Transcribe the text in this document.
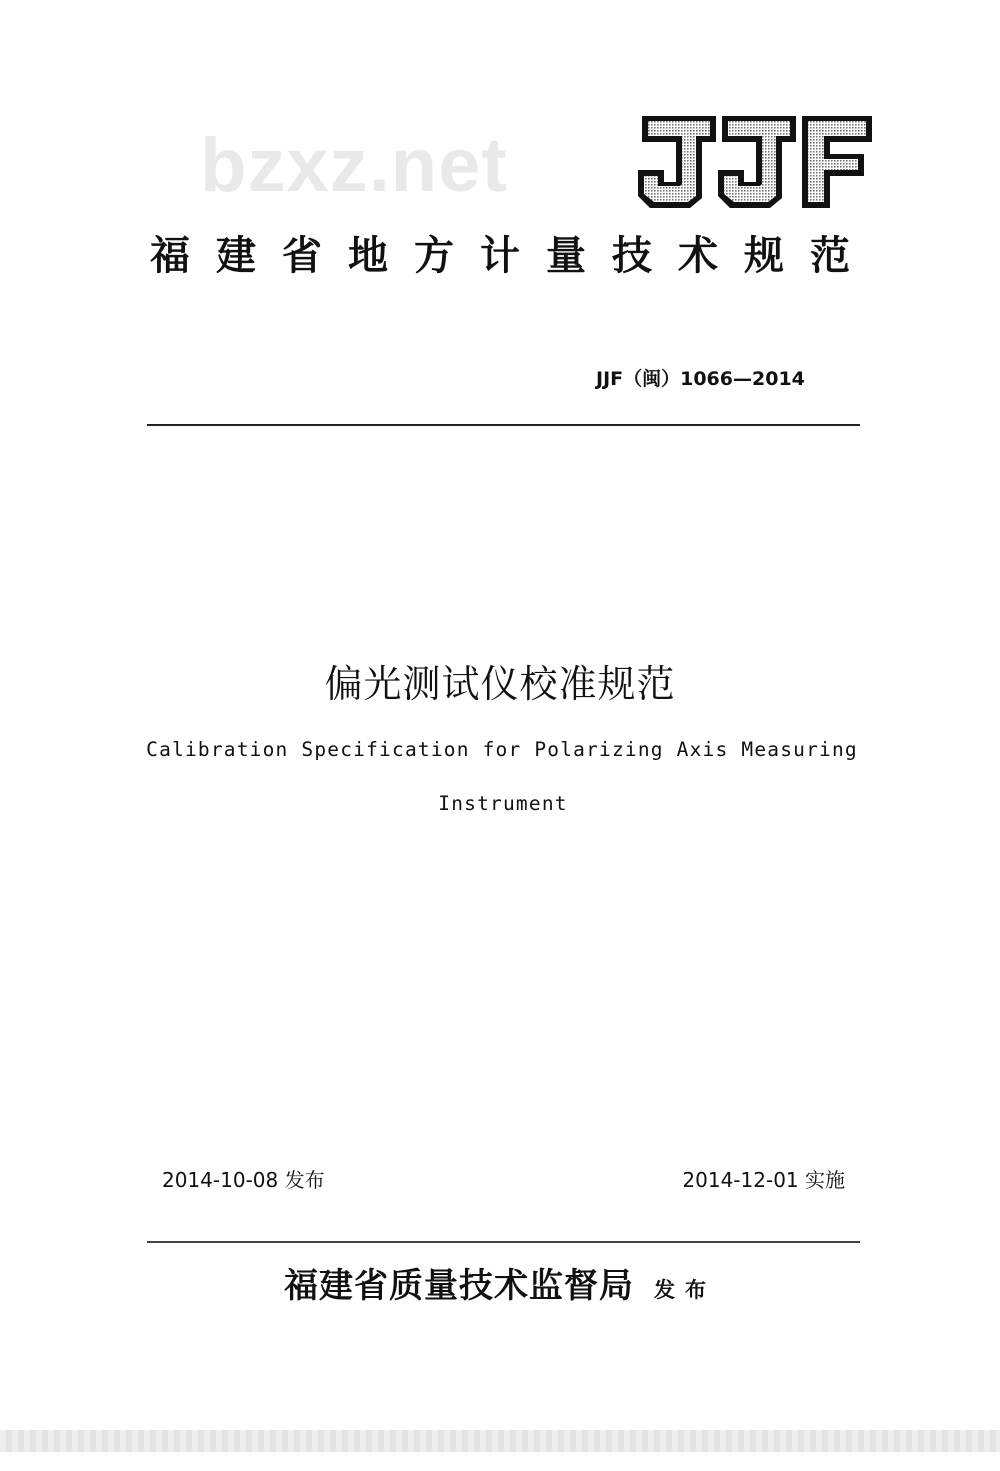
bzxz.net
福建省地方计量技术规范
JJF（闽）1066—2014
偏光测试仪校准规范
Calibration Specification for Polarizing Axis Measuring
Instrument
2014-10-08 发布	2014-12-01 实施
福建省质量技术监督局 发布
